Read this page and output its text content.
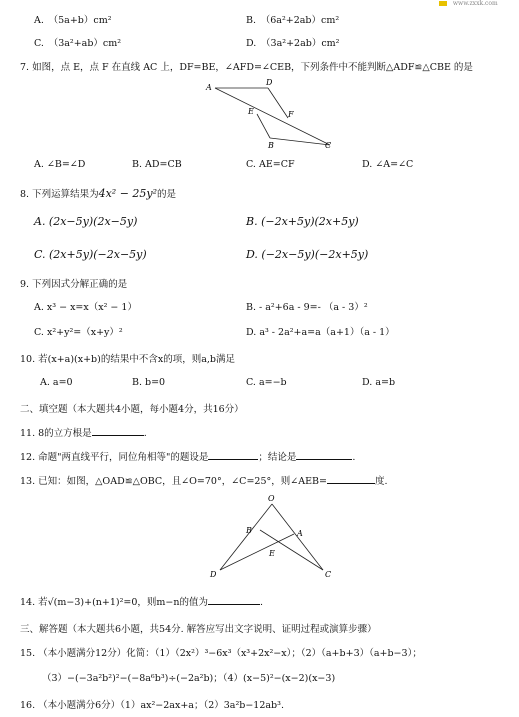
www.zxxk.com
A.　（5a+b）cm²	B.　（6a²+2ab）cm²
C.　（3a²+ab）cm²	D.　（3a²+2ab）cm²
7. 如图，点 E，点 F 在直线 AC 上，DF=BE，∠AFD=∠CEB，下列条件中不能判断△ADF≌△CBE 的是
A
D
E	F
B	C
A. ∠B=∠D	B. AD=CB	C. AE=CF	D. ∠A=∠C
8. 下列运算结果为4x² − 25y²的是
A. (2x−5y)(2x−5y)	B. (−2x+5y)(2x+5y)
C. (2x+5y)(−2x−5y)	D. (−2x−5y)(−2x+5y)
9. 下列因式分解正确的是
A. x³ − x=x（x² − 1）	B. - a²+6a - 9=- （a - 3）²
C. x²+y²=（x+y）²	D. a³ - 2a²+a=a（a+1）（a - 1）
10. 若(x+a)(x+b)的结果中不含x的项，则a,b满足
A. a=0	B. b=0	C. a=−b	D. a=b
二、填空题（本大题共4小题，每小题4分，共16分）
11. 8的立方根是	.
12. 命题"两直线平行，同位角相等"的题设是	；结论是	.
13. 已知：如图，△OAD≌△OBC，且∠O=70°，∠C=25°，则∠AEB=	度.
O
B	A
E
D	C
14. 若√(m−3)+(n+1)²=0，则m−n的值为	.
三、解答题（本大题共6小题，共54分. 解答应写出文字说明、证明过程或演算步骤）
15. （本小题满分12分）化简：（1）（2x²）³−6x³（x³+2x²−x）；（2）（a+b+3）（a+b−3）；
（3）−(−3a²b²)²−(−8a⁶b³)÷(−2a²b)；（4）(x−5)²−(x−2)(x−3)
16. （本小题满分6分）（1）ax²−2ax+a；（2）3a²b−12ab³.
